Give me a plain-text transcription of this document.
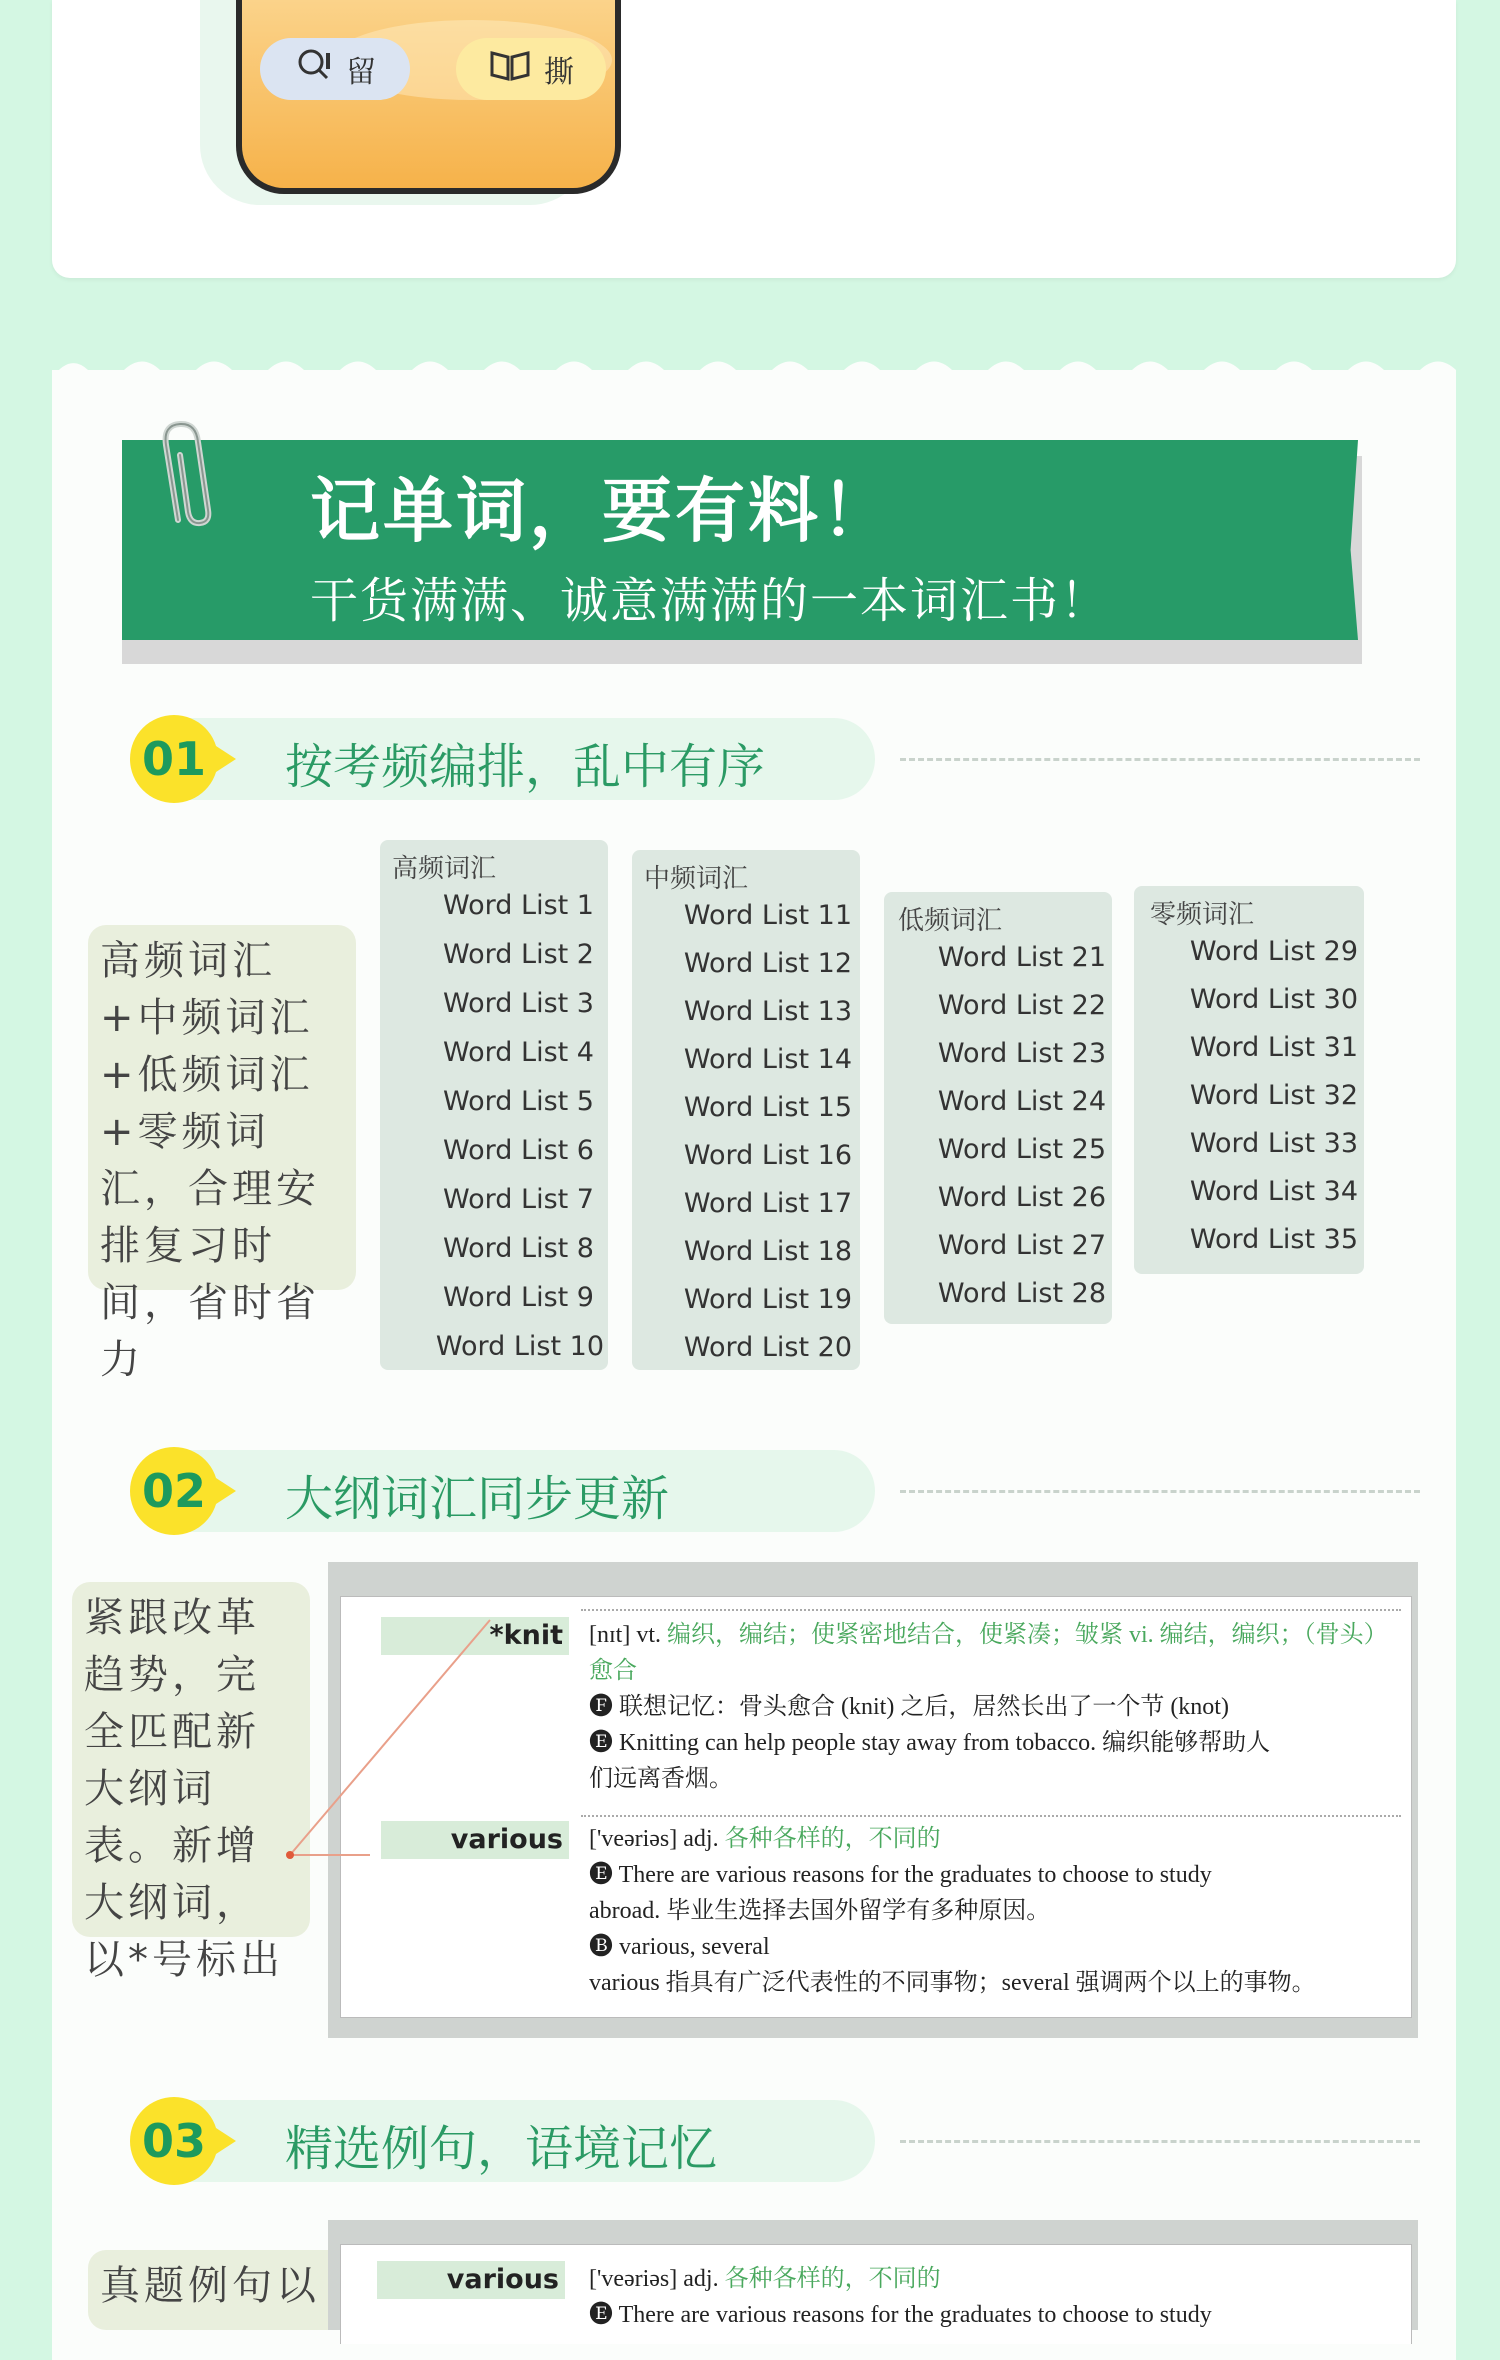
留	撕
记单词，要有料！
干货满满、诚意满满的一本词汇书！
01 按考频编排，乱中有序
高频词汇+中频词汇+低频词汇+零频词汇，合理安排复习时间，省时省力
高频词汇
Word List 1
Word List 2
Word List 3
Word List 4
Word List 5
Word List 6
Word List 7
Word List 8
Word List 9
Word List 10
中频词汇
Word List 11
Word List 12
Word List 13
Word List 14
Word List 15
Word List 16
Word List 17
Word List 18
Word List 19
Word List 20
低频词汇
Word List 21
Word List 22
Word List 23
Word List 24
Word List 25
Word List 26
Word List 27
Word List 28
零频词汇
Word List 29
Word List 30
Word List 31
Word List 32
Word List 33
Word List 34
Word List 35
02 大纲词汇同步更新
紧跟改革趋势，完全匹配新大纲词表。新增大纲词，以*号标出
*knit [nɪt] vt. 编织，编结；使紧密地结合，使紧凑；皱紧 vi. 编结，编织；（骨头）
愈合
🅕 联想记忆：骨头愈合 (knit) 之后，居然长出了一个节 (knot)
🅔 Knitting can help people stay away from tobacco. 编织能够帮助人
们远离香烟。
various ['veəriəs] adj. 各种各样的，不同的
🅔 There are various reasons for the graduates to choose to study
abroad. 毕业生选择去国外留学有多种原因。
🅑 various, several
various 指具有广泛代表性的不同事物；several 强调两个以上的事物。
03 精选例句，语境记忆
真题例句以	various ['veəriəs] adj. 各种各样的，不同的
🅔 There are various reasons for the graduates to choose to study
